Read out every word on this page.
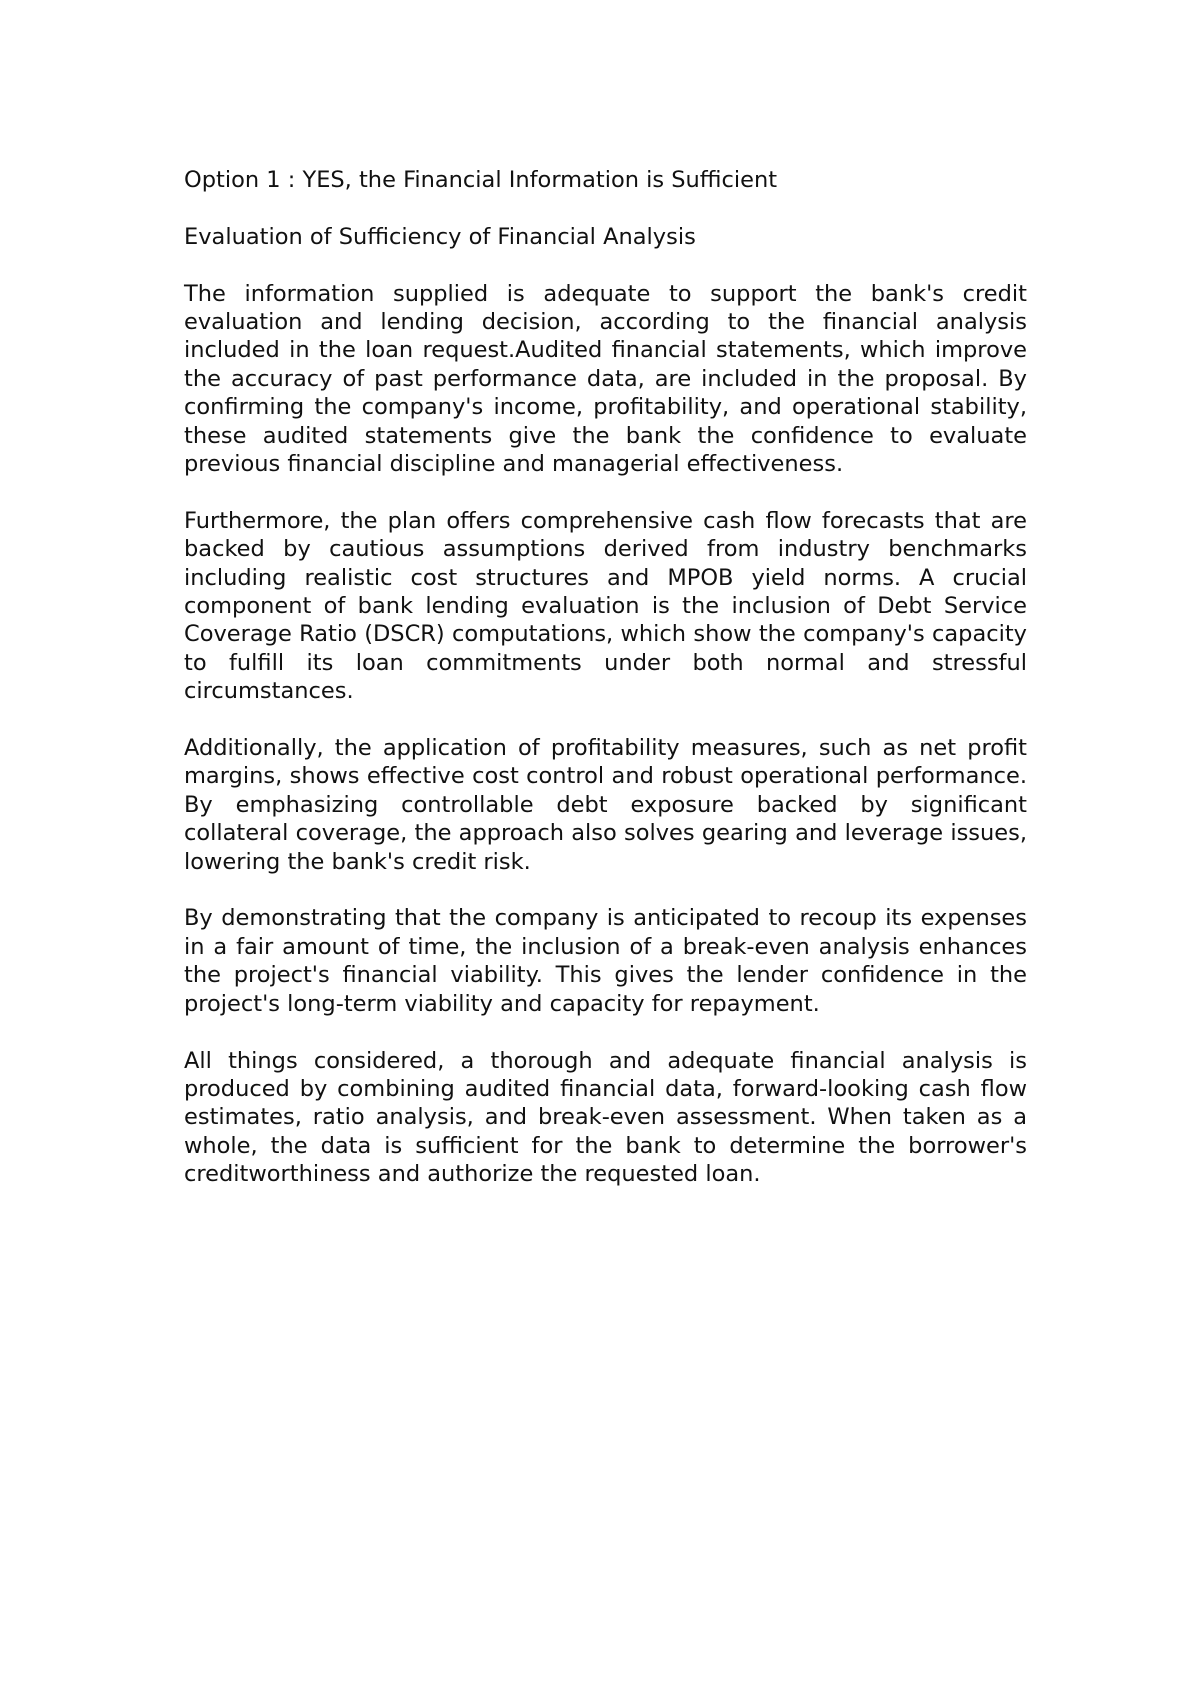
Option 1 : YES, the Financial Information is Sufficient

Evaluation of Sufficiency of Financial Analysis

The information supplied is adequate to support the bank's credit evaluation and lending decision, according to the financial analysis included in the loan request.Audited financial statements, which improve the accuracy of past performance data, are included in the proposal. By confirming the company's income, profitability, and operational stability, these audited statements give the bank the confidence to evaluate previous financial discipline and managerial effectiveness.

Furthermore, the plan offers comprehensive cash flow forecasts that are backed by cautious assumptions derived from industry benchmarks including realistic cost structures and MPOB yield norms. A crucial component of bank lending evaluation is the inclusion of Debt Service Coverage Ratio (DSCR) computations, which show the company's capacity to fulfill its loan commitments under both normal and stressful circumstances.

Additionally, the application of profitability measures, such as net profit margins, shows effective cost control and robust operational performance. By emphasizing controllable debt exposure backed by significant collateral coverage, the approach also solves gearing and leverage issues, lowering the bank's credit risk.

By demonstrating that the company is anticipated to recoup its expenses in a fair amount of time, the inclusion of a break-even analysis enhances the project's financial viability. This gives the lender confidence in the project's long-term viability and capacity for repayment.

All things considered, a thorough and adequate financial analysis is produced by combining audited financial data, forward-looking cash flow estimates, ratio analysis, and break-even assessment. When taken as a whole, the data is sufficient for the bank to determine the borrower's creditworthiness and authorize the requested loan.
